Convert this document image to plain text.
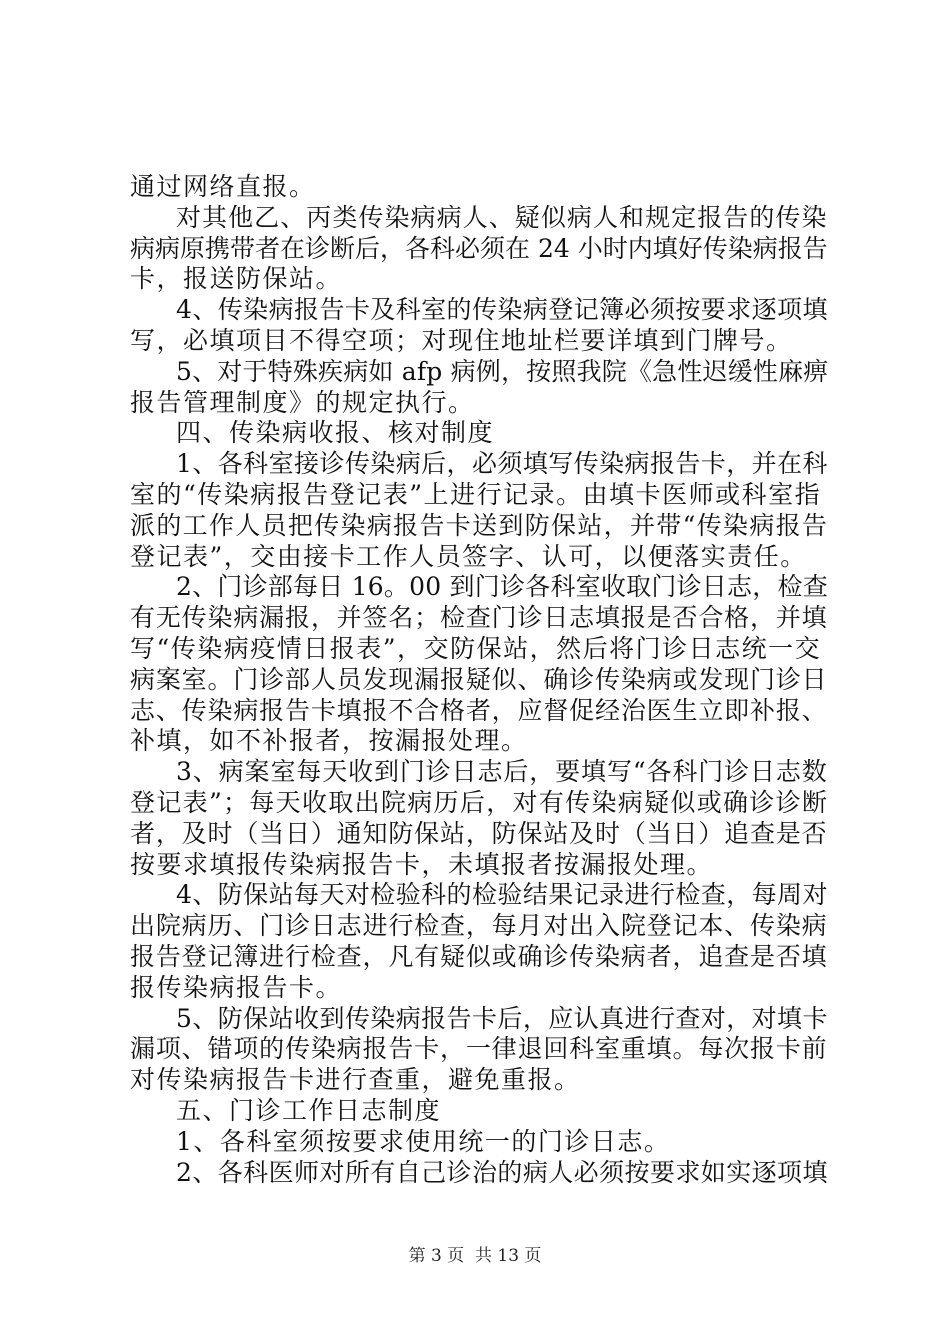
通过网络直报。
对其他乙、丙类传染病病人、疑似病人和规定报告的传染
病病原携带者在诊断后，各科必须在 24 小时内填好传染病报告
卡，报送防保站。
4、传染病报告卡及科室的传染病登记簿必须按要求逐项填
写，必填项目不得空项；对现住地址栏要详填到门牌号。
5、对于特殊疾病如 afp 病例，按照我院《急性迟缓性麻痹
报告管理制度》的规定执行。
四、传染病收报、核对制度
1、各科室接诊传染病后，必须填写传染病报告卡，并在科
室的“传染病报告登记表”上进行记录。由填卡医师或科室指
派的工作人员把传染病报告卡送到防保站，并带“传染病报告
登记表”，交由接卡工作人员签字、认可，以便落实责任。
2、门诊部每日 16。00 到门诊各科室收取门诊日志，检查
有无传染病漏报，并签名；检查门诊日志填报是否合格，并填
写“传染病疫情日报表”，交防保站，然后将门诊日志统一交
病案室。门诊部人员发现漏报疑似、确诊传染病或发现门诊日
志、传染病报告卡填报不合格者，应督促经治医生立即补报、
补填，如不补报者，按漏报处理。
3、病案室每天收到门诊日志后，要填写“各科门诊日志数
登记表”；每天收取出院病历后，对有传染病疑似或确诊诊断
者，及时（当日）通知防保站，防保站及时（当日）追查是否
按要求填报传染病报告卡，未填报者按漏报处理。
4、防保站每天对检验科的检验结果记录进行检查，每周对
出院病历、门诊日志进行检查，每月对出入院登记本、传染病
报告登记簿进行检查，凡有疑似或确诊传染病者，追查是否填
报传染病报告卡。
5、防保站收到传染病报告卡后，应认真进行查对，对填卡
漏项、错项的传染病报告卡，一律退回科室重填。每次报卡前
对传染病报告卡进行查重，避免重报。
五、门诊工作日志制度
1、各科室须按要求使用统一的门诊日志。
2、各科医师对所有自己诊治的病人必须按要求如实逐项填
第 3 页  共 13 页
